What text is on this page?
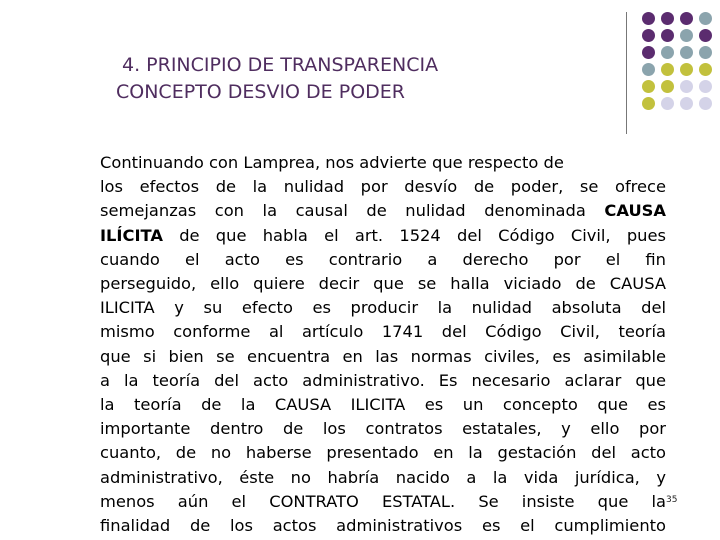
4. PRINCIPIO DE TRANSPARENCIA
CONCEPTO DESVIO DE PODER
Continuando con Lamprea, nos advierte que respecto de
los efectos de la nulidad por desvío de poder, se ofrece
semejanzas con la causal de nulidad denominada CAUSA
ILÍCITA de que habla el art. 1524 del Código Civil, pues
cuando el acto es contrario a derecho por el fin
perseguido, ello quiere decir que se halla viciado de CAUSA
ILICITA y su efecto es producir la nulidad absoluta del
mismo conforme al artículo 1741 del Código Civil, teoría
que si bien se encuentra en las normas civiles, es asimilable
a la teoría del acto administrativo. Es necesario aclarar que
la teoría de la CAUSA ILICITA es un concepto que es
importante dentro de los contratos estatales, y ello por
cuanto, de no haberse presentado en la gestación del acto
administrativo, éste no habría nacido a la vida jurídica, y
menos aún el CONTRATO ESTATAL. Se insiste que la
finalidad de los actos administrativos es el cumplimiento
35
